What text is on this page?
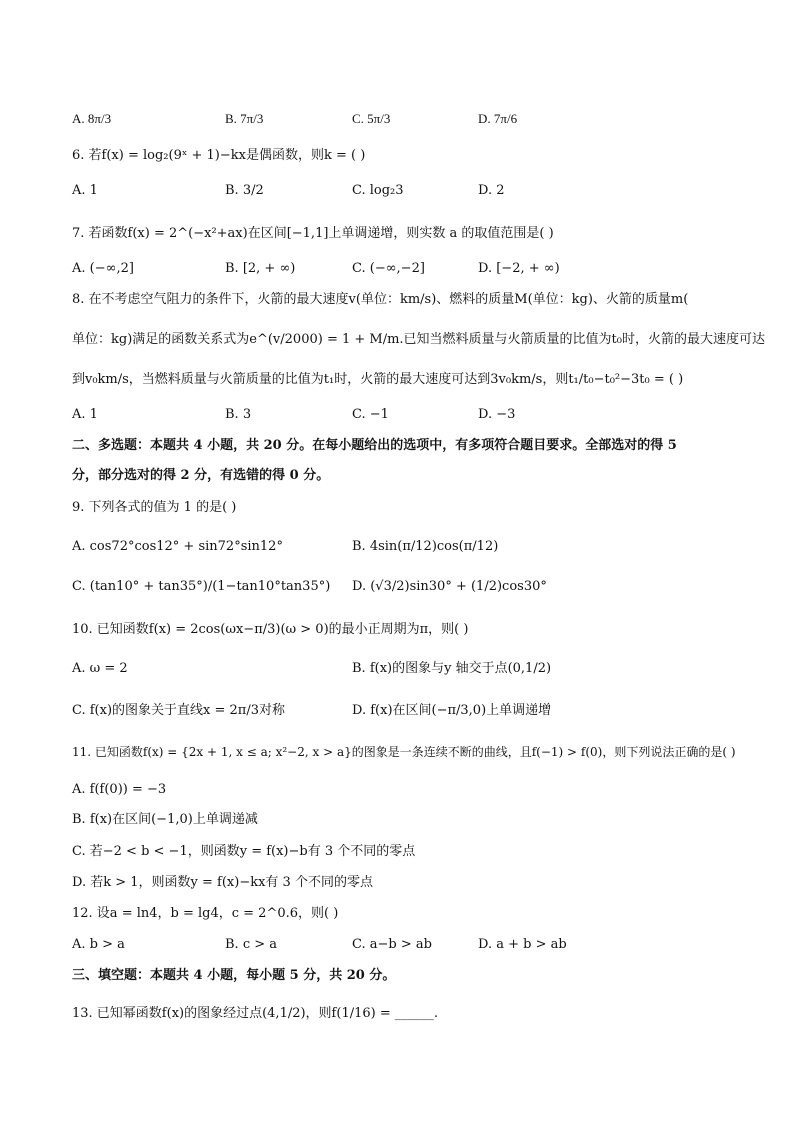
A. 8π/3	B. 7π/3	C. 5π/3	D. 7π/6
6. 若f(x) = log₂(9ˣ + 1)−kx是偶函数，则k = ( )
A. 1	B. 3/2	C. log₂3	D. 2
7. 若函数f(x) = 2^(−x²+ax)在区间[−1,1]上单调递增，则实数 a 的取值范围是( )
A. (−∞,2]	B. [2, + ∞)	C. (−∞,−2]	D. [−2, + ∞)
8. 在不考虑空气阻力的条件下，火箭的最大速度v(单位：km/s)、燃料的质量M(单位：kg)、火箭的质量m(
单位：kg)满足的函数关系式为e^(v/2000) = 1 + M/m.已知当燃料质量与火箭质量的比值为t₀时，火箭的最大速度可达
到v₀km/s，当燃料质量与火箭质量的比值为t₁时，火箭的最大速度可达到3v₀km/s，则t₁/t₀−t₀²−3t₀ = ( )
A. 1	B. 3	C. −1	D. −3
二、多选题：本题共 4 小题，共 20 分。在每小题给出的选项中，有多项符合题目要求。全部选对的得 5
分，部分选对的得 2 分，有选错的得 0 分。
9. 下列各式的值为 1 的是( )
A. cos72°cos12° + sin72°sin12°	B. 4sin(π/12)cos(π/12)
C. (tan10° + tan35°)/(1−tan10°tan35°) D. (√3/2)sin30° + (1/2)cos30°
10. 已知函数f(x) = 2cos(ωx−π/3)(ω > 0)的最小正周期为π，则( )
A. ω = 2	B. f(x)的图象与y 轴交于点(0,1/2)
C. f(x)的图象关于直线x = 2π/3对称	D. f(x)在区间(−π/3,0)上单调递增
11. 已知函数f(x) = {2x + 1, x ≤ a; x²−2, x > a}的图象是一条连续不断的曲线，且f(−1) > f(0)，则下列说法正确的是( )
A. f(f(0)) = −3
B. f(x)在区间(−1,0)上单调递减
C. 若−2 < b < −1，则函数y = f(x)−b有 3 个不同的零点
D. 若k > 1，则函数y = f(x)−kx有 3 个不同的零点
12. 设a = ln4，b = lg4，c = 2^0.6，则( )
A. b > a	B. c > a	C. a−b > ab	D. a + b > ab
三、填空题：本题共 4 小题，每小题 5 分，共 20 分。
13. 已知幂函数f(x)的图象经过点(4,1/2)，则f(1/16) = ______.
